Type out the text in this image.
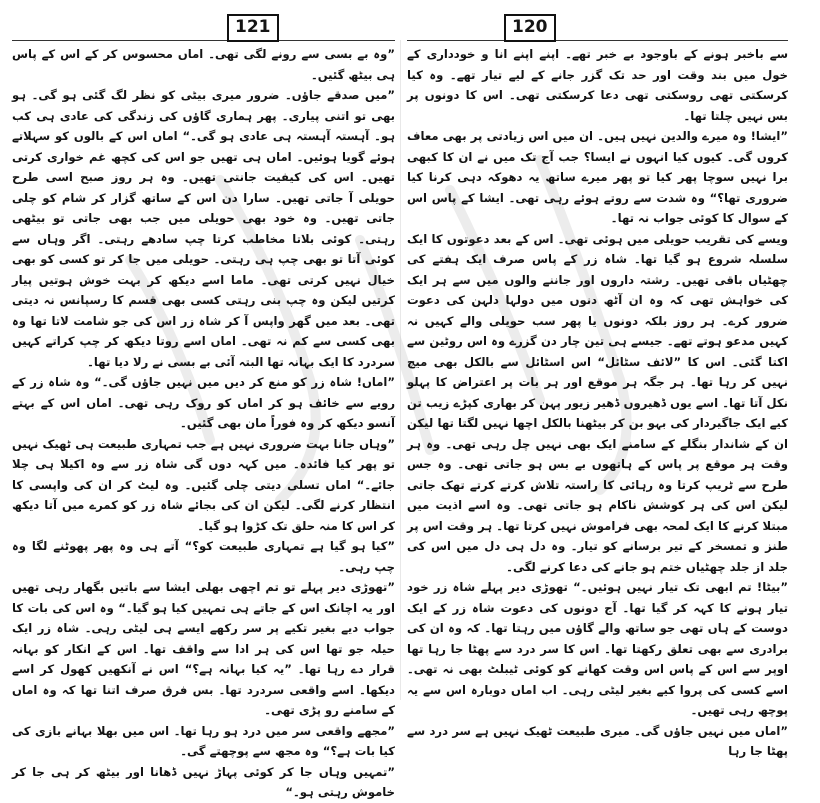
120

سے باخبر ہونے کے باوجود بے خبر تھے۔ اپنے اپنے انا و خودداری کے خول میں بند وقت اور حد تک گزر جانے کے لیے تیار تھے۔ وہ کیا کرسکتی تھی روسکتی تھی دعا کرسکتی تھی۔ اس کا دونوں پر بس نہیں چلتا تھا۔

”ایشا! وہ میرے والدین نہیں ہیں۔ ان میں اس زیادتی پر بھی معاف کروں گی۔ کیوں کیا انہوں نے ایسا؟ جب آج تک میں نے ان کا کبھی برا نہیں سوچا پھر کیا تو پھر میرے ساتھ یہ دھوکہ دہی کرنا کیا ضروری تھا؟“ وہ شدت سے روتے ہوئے رہی تھی۔ ایشا کے پاس اس کے سوال کا کوئی جواب نہ تھا۔

ویسے کی تقریب حویلی میں ہوئی تھی۔ اس کے بعد دعوتوں کا ایک سلسلہ شروع ہو گیا تھا۔ شاہ زر کے پاس صرف ایک ہفتے کی چھٹیاں باقی تھیں۔ رشتہ داروں اور جاننے والوں میں سے ہر ایک کی خواہش تھی کہ وہ ان آٹھ دنوں میں دولہا دلہن کی دعوت ضرور کرے۔ ہر روز بلکہ دونوں یا پھر سب حویلی والے کہیں نہ کہیں مدعو ہوتے تھے۔ جیسے ہی تین چار دن گزرے وہ اس روٹین سے اکتا گئی۔ اس کا ”لائف سٹائل“ اس اسٹائل سے بالکل بھی میچ نہیں کر رہا تھا۔ ہر جگہ ہر موقع اور ہر بات پر اعتراض کا پہلو نکل آتا تھا۔ اسے یوں ڈھیروں ڈھیر زیور پہن کر بھاری کپڑے زیب تن کیے ایک جاگیردار کی بہو بن کر بیٹھنا بالکل اچھا نہیں لگتا تھا لیکن ان کے شاندار بنگلے کے سامنے ایک بھی نہیں چل رہی تھی۔ وہ ہر وقت ہر موقع پر پاس کے ہاتھوں بے بس ہو جاتی تھی۔ وہ جس طرح سے ٹریپ کرتا وہ رہائی کا راستہ تلاش کرتے کرتے تھک جاتی لیکن اس کی ہر کوشش ناکام ہو جاتی تھی۔ وہ اسے اذیت میں مبتلا کرنے کا ایک لمحہ بھی فراموش نہیں کرتا تھا۔ ہر وقت اس پر طنز و تمسخر کے تیر برسانے کو تیار۔ وہ دل ہی دل میں اس کی جلد از جلد چھٹیاں ختم ہو جانے کی دعا کرنے لگی۔

”بیٹا! تم ابھی تک تیار نہیں ہوئیں۔“ تھوڑی دیر پہلے شاہ زر خود تیار ہونے کا کہہ کر گیا تھا۔ آج دونوں کی دعوت شاہ زر کے ایک دوست کے ہاں تھی جو ساتھ والے گاؤں میں رہتا تھا۔ کہ وہ ان کی برادری سے بھی تعلق رکھتا تھا۔ اس کا سر درد سے پھٹا جا رہا تھا اوپر سے اس کے پاس اس وقت کھانے کو کوئی ٹیبلٹ بھی نہ تھی۔ اسے کسی کی پروا کیے بغیر لیٹی رہی۔ اب اماں دوبارہ اس سے یہ پوچھ رہی تھیں۔

”اماں میں نہیں جاؤں گی۔ میری طبیعت ٹھیک نہیں ہے سر درد سے پھٹا جا رہا

121

”وہ بے بسی سے رونے لگی تھی۔ اماں محسوس کر کے اس کے پاس ہی بیٹھ گئیں۔

”میں صدقے جاؤں۔ ضرور میری بیٹی کو نظر لگ گئی ہو گی۔ ہو بھی تو اتنی پیاری۔ پھر ہماری گاؤں کی زندگی کی عادی ہی کب ہو۔ آہستہ آہستہ ہی عادی ہو گی۔“ اماں اس کے بالوں کو سہلاتے ہوئے گویا ہوئیں۔ اماں ہی تھیں جو اس کی کچھ غم خواری کرتی تھیں۔ اس کی کیفیت جانتی تھیں۔ وہ ہر روز صبح اسی طرح حویلی آ جاتی تھیں۔ سارا دن اس کے ساتھ گزار کر شام کو چلی جاتی تھیں۔ وہ خود بھی حویلی میں جب بھی جاتی تو بیٹھی رہتی۔ کوئی بلاتا مخاطب کرتا چپ سادھے رہتی۔ اگر وہاں سے کوئی آتا تو بھی چپ ہی رہتی۔ حویلی میں جا کر تو کسی کو بھی خیال نہیں کرتی تھی۔ ماما اسے دیکھ کر بہت خوش ہوتیں پیار کرتیں لیکن وہ چپ بنی رہتی کسی بھی قسم کا رسپانس نہ دیتی تھی۔ بعد میں گھر واپس آ کر شاہ زر اس کی جو شامت لاتا تھا وہ بھی کسی سے کم نہ تھی۔ اماں اسے روتا دیکھ کر چپ کراتے کہیں سردرد کا ایک بہانہ تھا البتہ آئی بے بسی نے رلا دیا تھا۔

”اماں! شاہ زر کو منع کر دیں میں نہیں جاؤں گی۔“ وہ شاہ زر کے رویے سے خائف ہو کر اماں کو روک رہی تھی۔ اماں اس کے بہتے آنسو دیکھ کر وہ فوراً مان بھی گئیں۔

”وہاں جانا بہت ضروری نہیں ہے جب تمہاری طبیعت ہی ٹھیک نہیں تو پھر کیا فائدہ۔ میں کہہ دوں گی شاہ زر سے وہ اکیلا ہی چلا جائے۔“ اماں تسلی دیتی چلی گئیں۔ وہ لیٹ کر ان کی واپسی کا انتظار کرنے لگی۔ لیکن ان کی بجائے شاہ زر کو کمرے میں آتا دیکھ کر اس کا منہ حلق تک کڑوا ہو گیا۔

”کیا ہو گیا ہے تمہاری طبیعت کو؟“ آتے ہی وہ پھر پھوٹنے لگا وہ چپ رہی۔

”تھوڑی دیر پہلے تو تم اچھی بھلی ایشا سے باتیں بگھار رہی تھیں اور یہ اچانک اس کے جاتے ہی تمہیں کیا ہو گیا۔“ وہ اس کی بات کا جواب دیے بغیر تکیے پر سر رکھے ایسے ہی لیٹی رہی۔ شاہ زر ایک حیلہ جو تھا اس کی ہر ادا سے واقف تھا۔ اس کے انکار کو بہانہ قرار دے رہا تھا۔ ”یہ کیا بہانہ ہے؟“ اس نے آنکھیں کھول کر اسے دیکھا۔ اسے واقعی سردرد تھا۔ بس فرق صرف اتنا تھا کہ وہ اماں کے سامنے رو پڑی تھی۔

”مجھے واقعی سر میں درد ہو رہا تھا۔ اس میں بھلا بہانے بازی کی کیا بات ہے؟“ وہ مجھ سے پوچھتے گی۔

”تمہیں وہاں جا کر کوئی پہاڑ نہیں ڈھانا اور بیٹھ کر ہی جا کر خاموش رہتی ہو۔“
